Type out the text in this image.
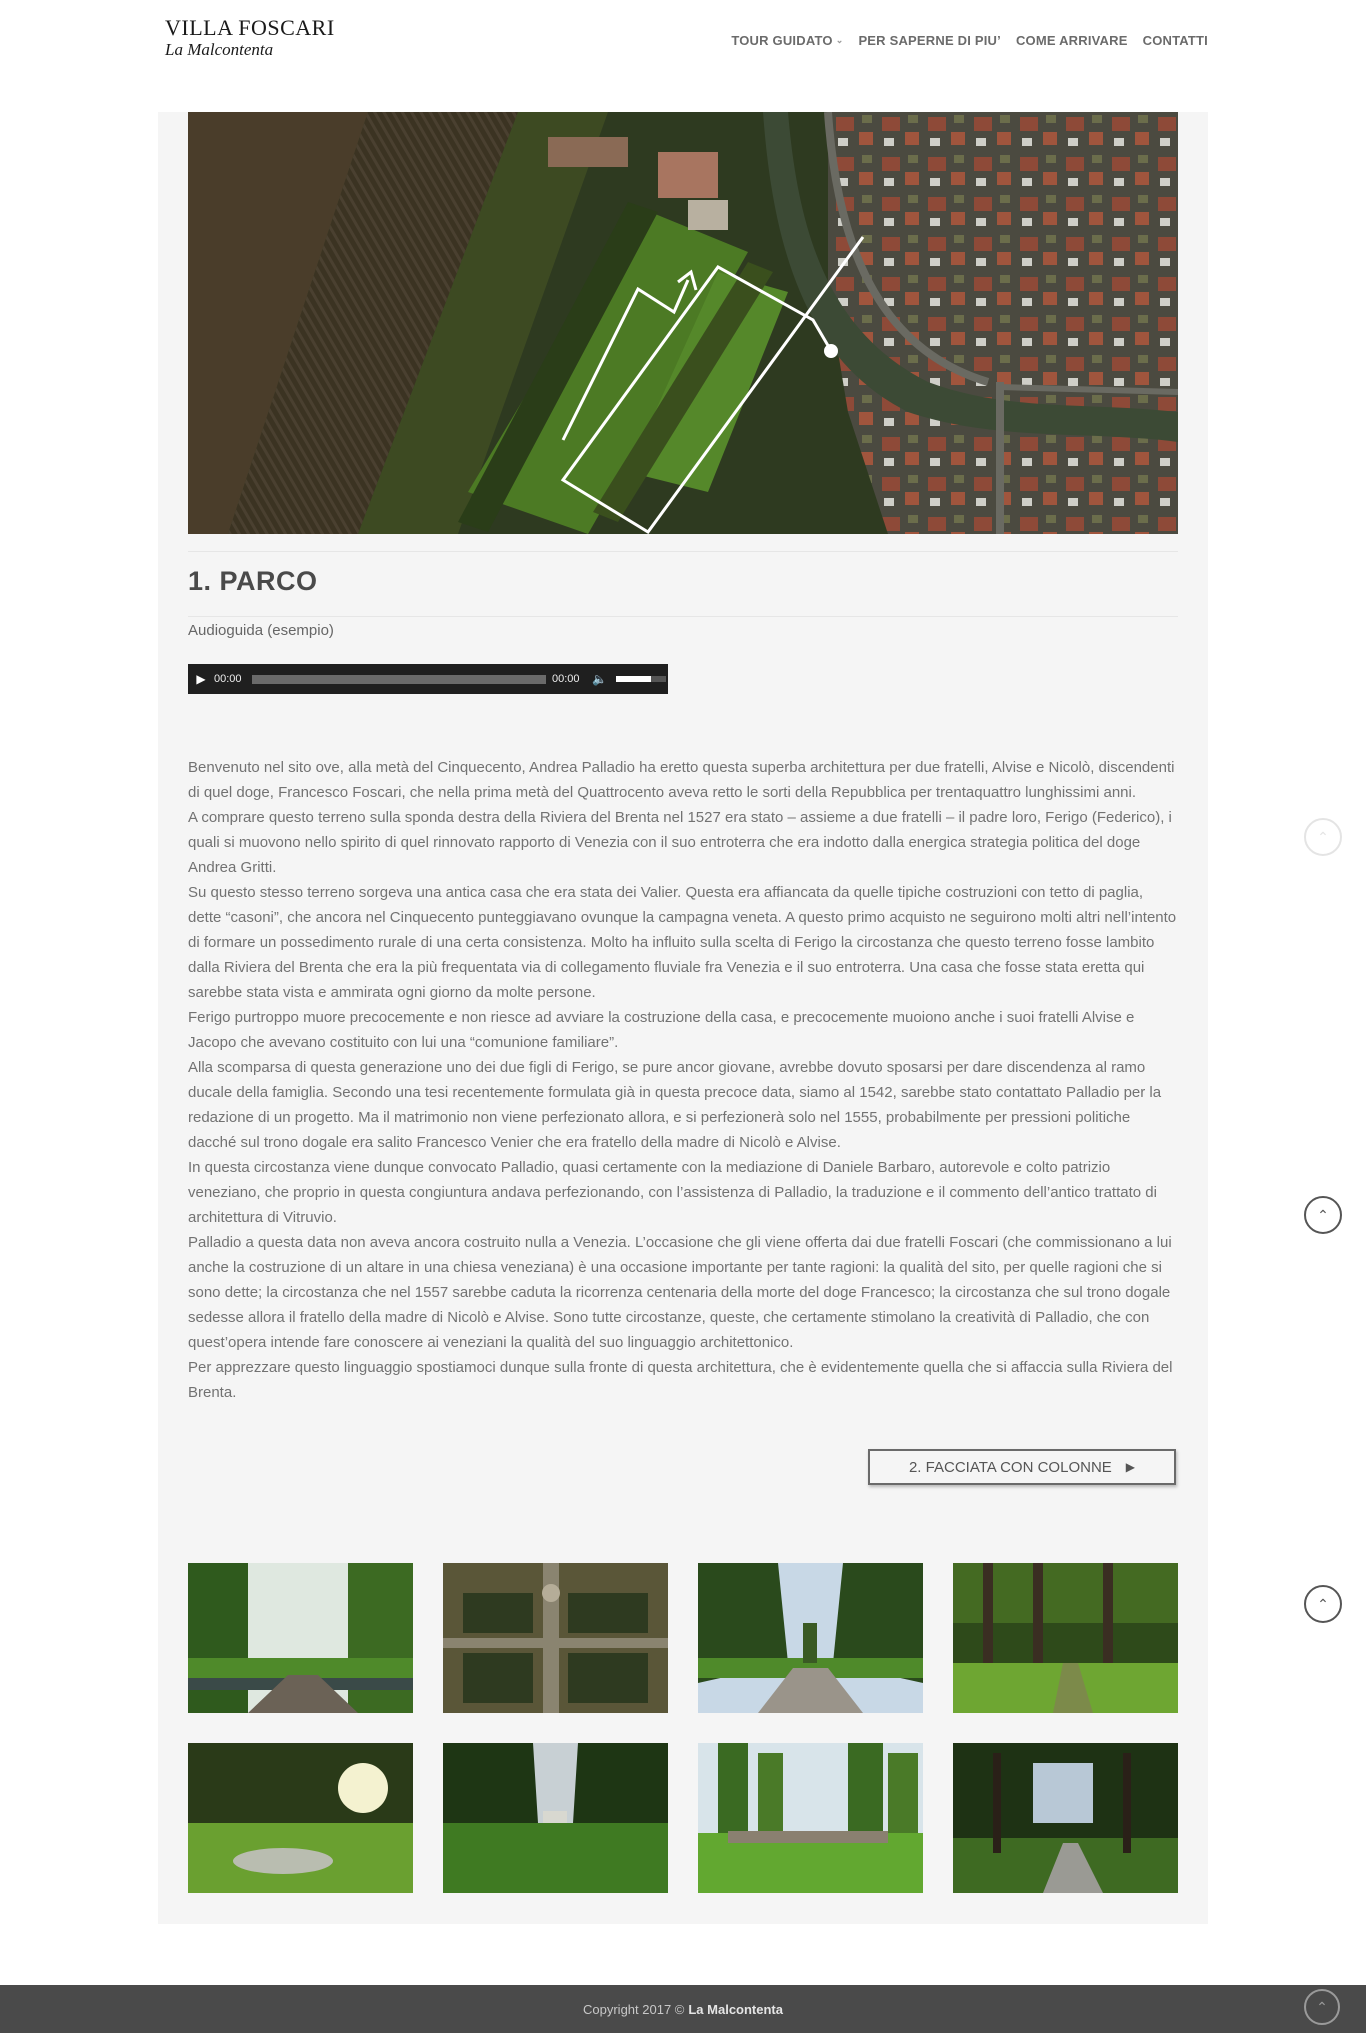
VILLA FOSCARI
La Malcontenta	TOUR GUIDATO ⌄ PER SAPERNE DI PIU’ COME ARRIVARE CONTATTI
1. PARCO
Audioguida (esempio)
▶ 00:00	00:00	🔈

Benvenuto nel sito ove, alla metà del Cinquecento, Andrea Palladio ha eretto questa superba architettura per due fratelli, Alvise e Nicolò, discendenti di quel doge, Francesco Foscari, che nella prima metà del Quattrocento aveva retto le sorti della Repubblica per trentaquattro lunghissimi anni.

A comprare questo terreno sulla sponda destra della Riviera del Brenta nel 1527 era stato – assieme a due fratelli – il padre loro, Ferigo (Federico), i quali si muovono nello spirito di quel rinnovato rapporto di Venezia con il suo entroterra che era indotto dalla energica strategia politica del doge Andrea Gritti.

Su questo stesso terreno sorgeva una antica casa che era stata dei Valier. Questa era affiancata da quelle tipiche costruzioni con tetto di paglia, dette “casoni”, che ancora nel Cinquecento punteggiavano ovunque la campagna veneta. A questo primo acquisto ne seguirono molti altri nell’intento di formare un possedimento rurale di una certa consistenza. Molto ha influito sulla scelta di Ferigo la circostanza che questo terreno fosse lambito dalla Riviera del Brenta che era la più frequentata via di collegamento fluviale fra Venezia e il suo entroterra. Una casa che fosse stata eretta qui sarebbe stata vista e ammirata ogni giorno da molte persone.

Ferigo purtroppo muore precocemente e non riesce ad avviare la costruzione della casa, e precocemente muoiono anche i suoi fratelli Alvise e Jacopo che avevano costituito con lui una “comunione familiare”.

Alla scomparsa di questa generazione uno dei due figli di Ferigo, se pure ancor giovane, avrebbe dovuto sposarsi per dare discendenza al ramo ducale della famiglia. Secondo una tesi recentemente formulata già in questa precoce data, siamo al 1542, sarebbe stato contattato Palladio per la redazione di un progetto. Ma il matrimonio non viene perfezionato allora, e si perfezionerà solo nel 1555, probabilmente per pressioni politiche dacché sul trono dogale era salito Francesco Venier che era fratello della madre di Nicolò e Alvise.

In questa circostanza viene dunque convocato Palladio, quasi certamente con la mediazione di Daniele Barbaro, autorevole e colto patrizio veneziano, che proprio in questa congiuntura andava perfezionando, con l’assistenza di Palladio, la traduzione e il commento dell’antico trattato di architettura di Vitruvio.

Palladio a questa data non aveva ancora costruito nulla a Venezia. L’occasione che gli viene offerta dai due fratelli Foscari (che commissionano a lui anche la costruzione di un altare in una chiesa veneziana) è una occasione importante per tante ragioni: la qualità del sito, per quelle ragioni che si sono dette; la circostanza che nel 1557 sarebbe caduta la ricorrenza centenaria della morte del doge Francesco; la circostanza che sul trono dogale sedesse allora il fratello della madre di Nicolò e Alvise. Sono tutte circostanze, queste, che certamente stimolano la creatività di Palladio, che con quest’opera intende fare conoscere ai veneziani la qualità del suo linguaggio architettonico.

Per apprezzare questo linguaggio spostiamoci dunque sulla fronte di questa architettura, che è evidentemente quella che si affaccia sulla Riviera del Brenta.

2. FACCIATA CON COLONNE ▶
⌃
⌃
⌃
Copyright 2017 © La Malcontenta	⌃
